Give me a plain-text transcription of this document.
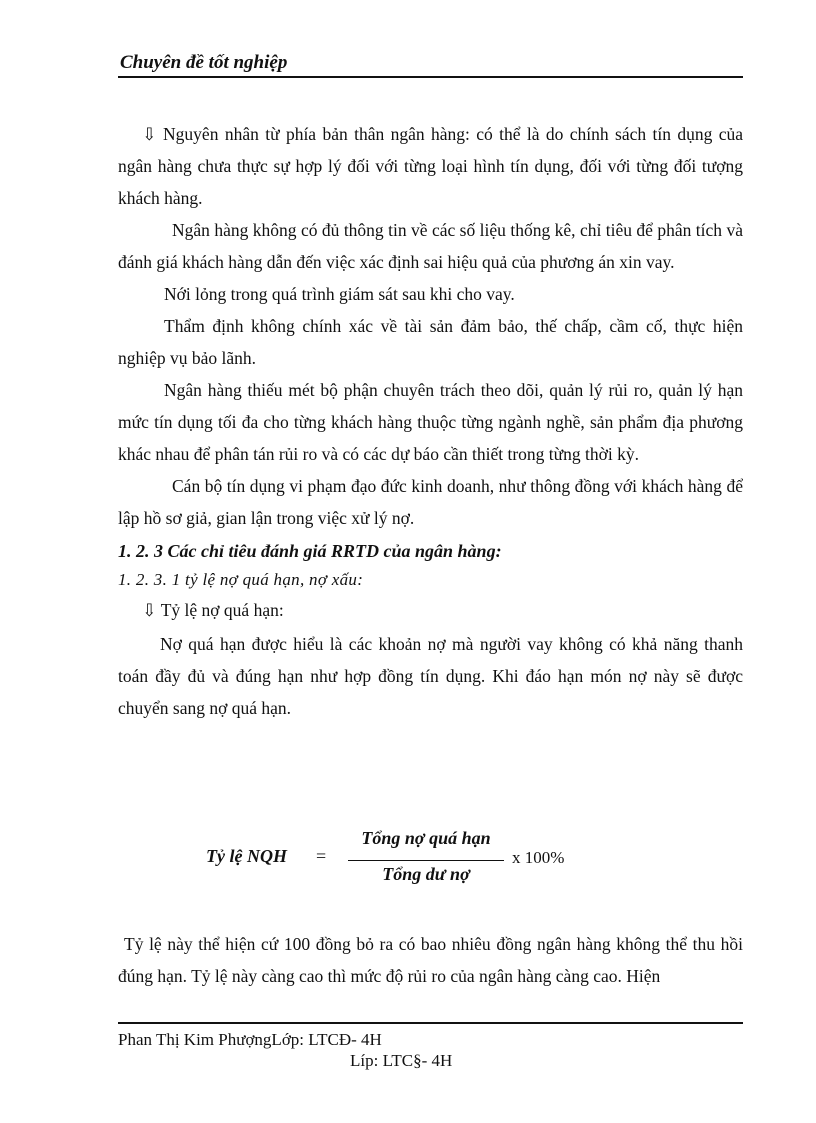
Chuyên đề tốt nghiệp

⇩ Nguyên nhân từ phía bản thân ngân hàng: có thể là do chính sách tín dụng của ngân hàng chưa thực sự hợp lý đối với từng loại hình tín dụng, đối với từng đối tượng khách hàng.

Ngân hàng không có đủ thông tin về các số liệu thống kê, chỉ tiêu để phân tích và đánh giá khách hàng dẫn đến việc xác định sai hiệu quả của phương án xin vay.

Nới lỏng trong quá trình giám sát sau khi cho vay.

Thẩm định không chính xác về tài sản đảm bảo, thế chấp, cầm cố, thực hiện nghiệp vụ bảo lãnh.

Ngân hàng thiếu mét bộ phận chuyên trách theo dõi, quản lý rủi ro, quản lý hạn mức tín dụng tối đa cho từng khách hàng thuộc từng ngành nghề, sản phẩm địa phương khác nhau để phân tán rủi ro và có các dự báo cần thiết trong từng thời kỳ.

Cán bộ tín dụng vi phạm đạo đức kinh doanh, như thông đồng với khách hàng để lập hồ sơ giả, gian lận trong việc xử lý nợ.

1. 2. 3 Các chỉ tiêu đánh giá RRTD của ngân hàng:

1. 2. 3. 1 tỷ lệ nợ quá hạn, nợ xấu:

⇩ Tỷ lệ nợ quá hạn:

Nợ quá hạn được hiểu là các khoản nợ mà người vay không có khả năng thanh toán đầy đủ và đúng hạn như hợp đồng tín dụng. Khi đáo hạn món nợ này sẽ được chuyển sang nợ quá hạn.

Tỷ lệ NQH =
Tổng nợ quá hạn
Tổng dư nợ
x 100%

Tỷ lệ này thể hiện cứ 100 đồng bỏ ra có bao nhiêu đồng ngân hàng không thể thu hồi đúng hạn. Tỷ lệ này càng cao thì mức độ rủi ro của ngân hàng càng cao. Hiện

Phan Thị Kim PhượngLớp: LTCĐ- 4H
Líp: LTC§- 4H
